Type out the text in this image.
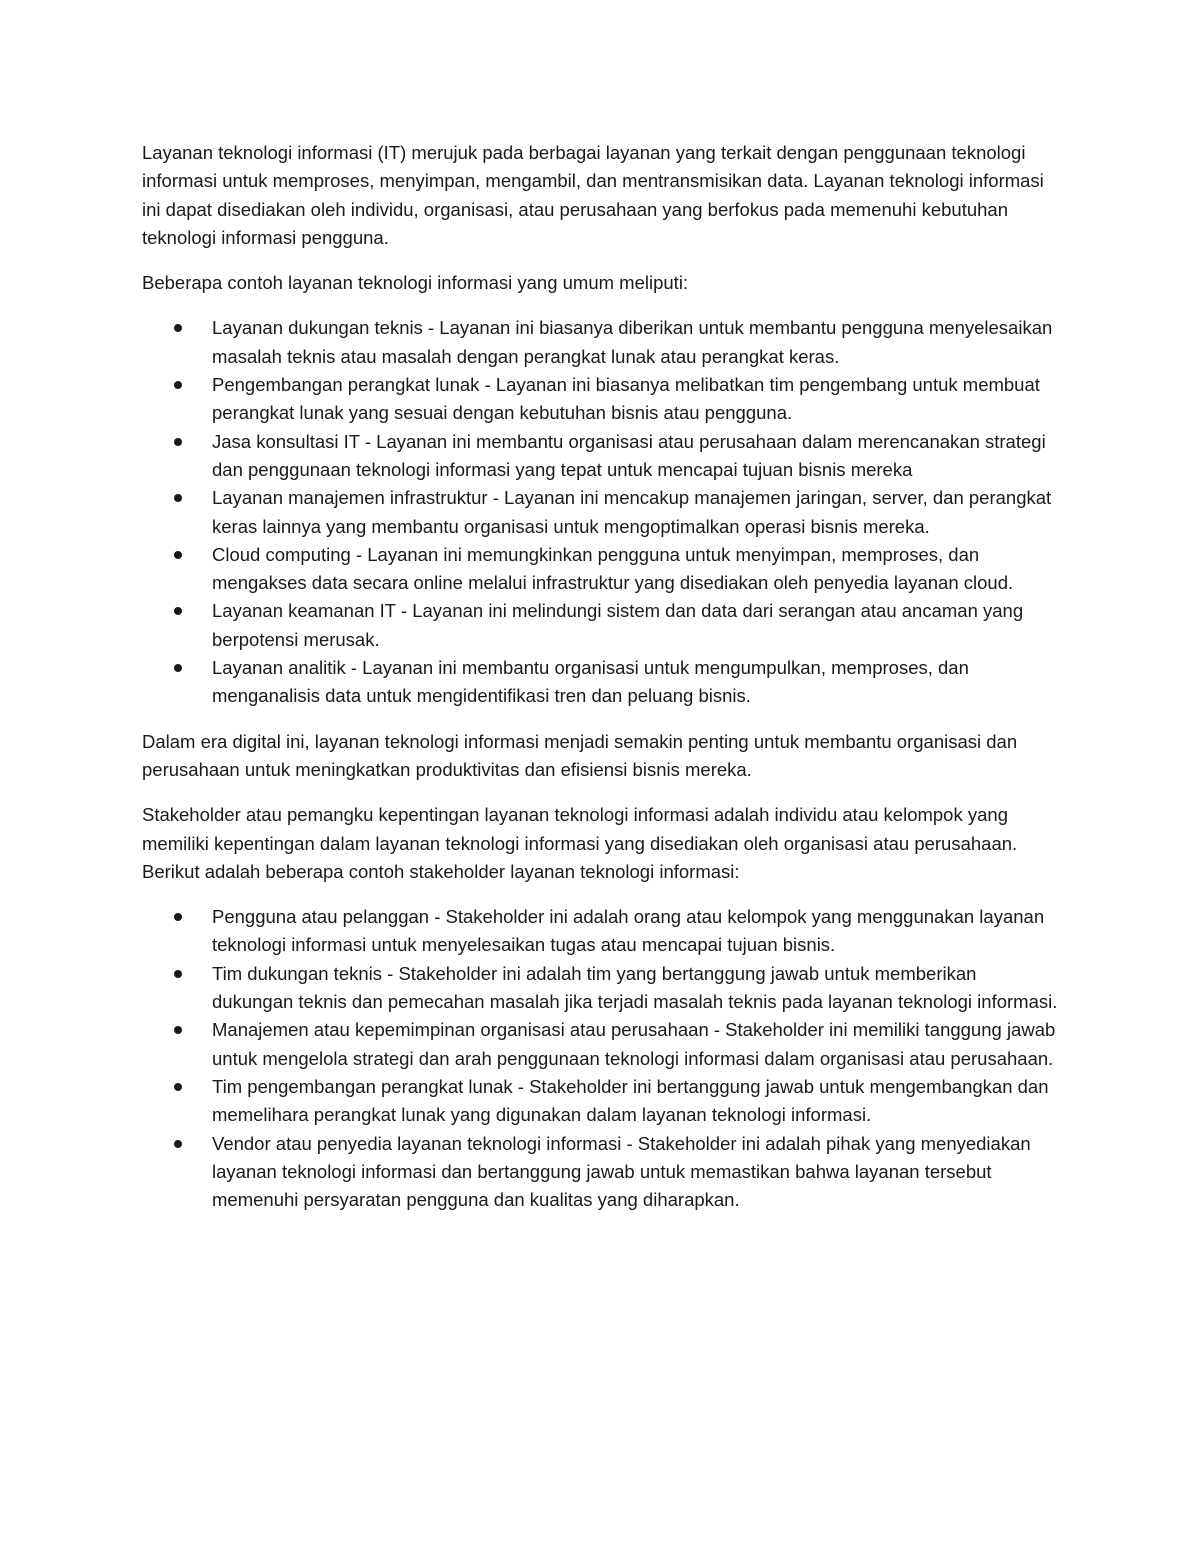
Layanan teknologi informasi (IT) merujuk pada berbagai layanan yang terkait dengan penggunaan teknologi informasi untuk memproses, menyimpan, mengambil, dan mentransmisikan data. Layanan teknologi informasi ini dapat disediakan oleh individu, organisasi, atau perusahaan yang berfokus pada memenuhi kebutuhan teknologi informasi pengguna.

Beberapa contoh layanan teknologi informasi yang umum meliputi:

Layanan dukungan teknis - Layanan ini biasanya diberikan untuk membantu pengguna menyelesaikan masalah teknis atau masalah dengan perangkat lunak atau perangkat keras.
Pengembangan perangkat lunak - Layanan ini biasanya melibatkan tim pengembang untuk membuat perangkat lunak yang sesuai dengan kebutuhan bisnis atau pengguna.
Jasa konsultasi IT - Layanan ini membantu organisasi atau perusahaan dalam merencanakan strategi dan penggunaan teknologi informasi yang tepat untuk mencapai tujuan bisnis mereka
Layanan manajemen infrastruktur - Layanan ini mencakup manajemen jaringan, server, dan perangkat keras lainnya yang membantu organisasi untuk mengoptimalkan operasi bisnis mereka.
Cloud computing - Layanan ini memungkinkan pengguna untuk menyimpan, memproses, dan mengakses data secara online melalui infrastruktur yang disediakan oleh penyedia layanan cloud.
Layanan keamanan IT - Layanan ini melindungi sistem dan data dari serangan atau ancaman yang berpotensi merusak.
Layanan analitik - Layanan ini membantu organisasi untuk mengumpulkan, memproses, dan menganalisis data untuk mengidentifikasi tren dan peluang bisnis.

Dalam era digital ini, layanan teknologi informasi menjadi semakin penting untuk membantu organisasi dan perusahaan untuk meningkatkan produktivitas dan efisiensi bisnis mereka.

Stakeholder atau pemangku kepentingan layanan teknologi informasi adalah individu atau kelompok yang memiliki kepentingan dalam layanan teknologi informasi yang disediakan oleh organisasi atau perusahaan. Berikut adalah beberapa contoh stakeholder layanan teknologi informasi:

Pengguna atau pelanggan - Stakeholder ini adalah orang atau kelompok yang menggunakan layanan teknologi informasi untuk menyelesaikan tugas atau mencapai tujuan bisnis.
Tim dukungan teknis - Stakeholder ini adalah tim yang bertanggung jawab untuk memberikan dukungan teknis dan pemecahan masalah jika terjadi masalah teknis pada layanan teknologi informasi.
Manajemen atau kepemimpinan organisasi atau perusahaan - Stakeholder ini memiliki tanggung jawab untuk mengelola strategi dan arah penggunaan teknologi informasi dalam organisasi atau perusahaan.
Tim pengembangan perangkat lunak - Stakeholder ini bertanggung jawab untuk mengembangkan dan memelihara perangkat lunak yang digunakan dalam layanan teknologi informasi.
Vendor atau penyedia layanan teknologi informasi - Stakeholder ini adalah pihak yang menyediakan layanan teknologi informasi dan bertanggung jawab untuk memastikan bahwa layanan tersebut memenuhi persyaratan pengguna dan kualitas yang diharapkan.
